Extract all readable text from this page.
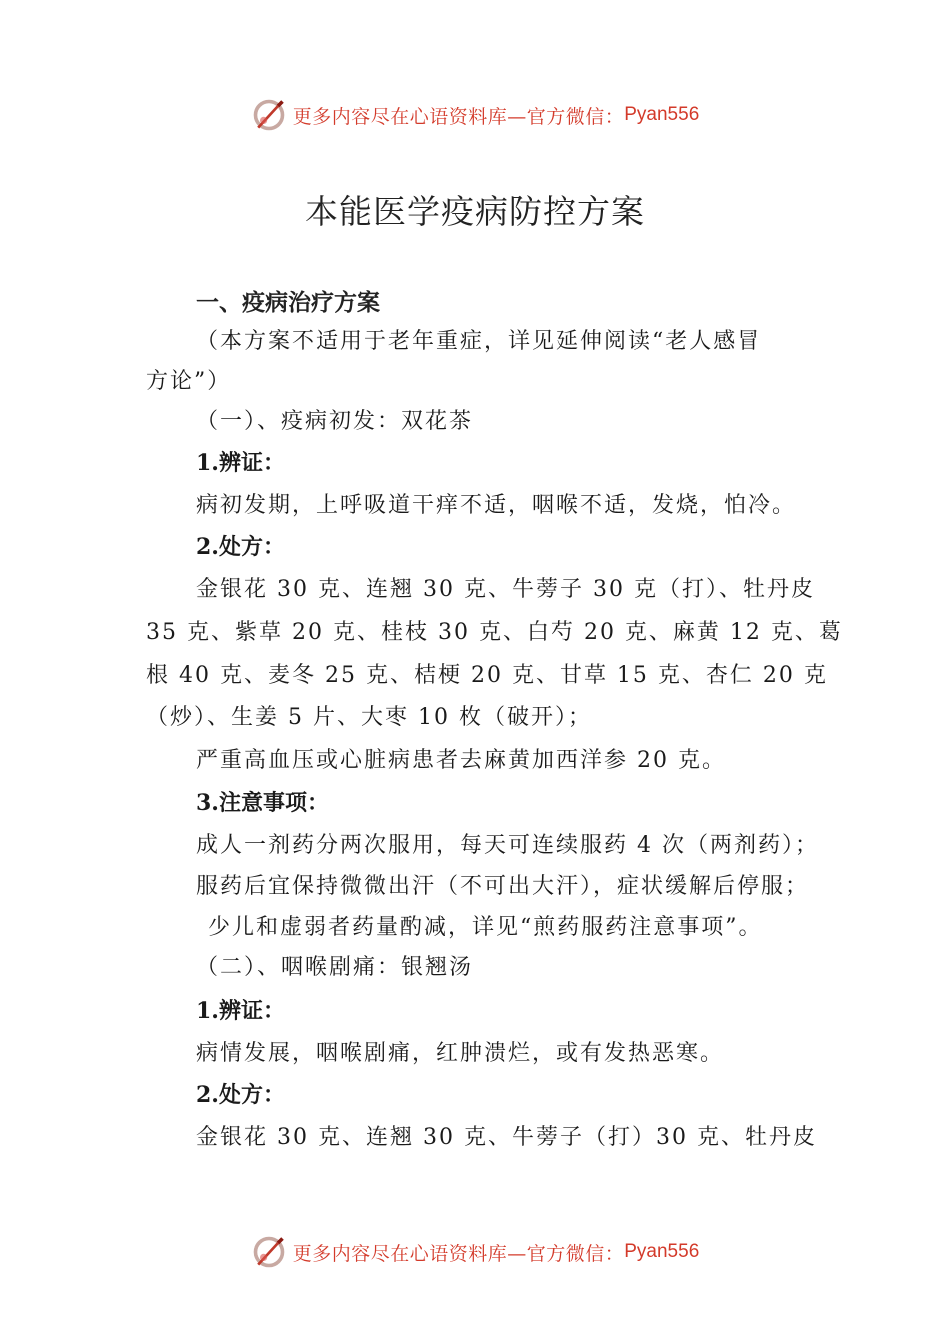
更多内容尽在心语资料库—官方微信： Pyan556
本能医学疫病防控方案
一、疫病治疗方案
（本方案不适用于老年重症，详见延伸阅读“老人感冒
方论”）
（一）、疫病初发：双花茶
1.辨证：
病初发期，上呼吸道干痒不适，咽喉不适，发烧，怕冷。
2.处方：
金银花 30 克、连翘 30 克、牛蒡子 30 克（打）、牡丹皮
35 克、紫草 20 克、桂枝 30 克、白芍 20 克、麻黄 12 克、葛
根 40 克、麦冬 25 克、桔梗 20 克、甘草 15 克、杏仁 20 克
（炒）、生姜 5 片、大枣 10 枚（破开）；
严重高血压或心脏病患者去麻黄加西洋参 20 克。
3.注意事项：
成人一剂药分两次服用，每天可连续服药 4 次（两剂药）；
服药后宜保持微微出汗（不可出大汗），症状缓解后停服；
少儿和虚弱者药量酌减，详见“煎药服药注意事项”。
（二）、咽喉剧痛：银翘汤
1.辨证：
病情发展，咽喉剧痛，红肿溃烂，或有发热恶寒。
2.处方：
金银花 30 克、连翘 30 克、牛蒡子（打）30 克、牡丹皮
更多内容尽在心语资料库—官方微信： Pyan556
